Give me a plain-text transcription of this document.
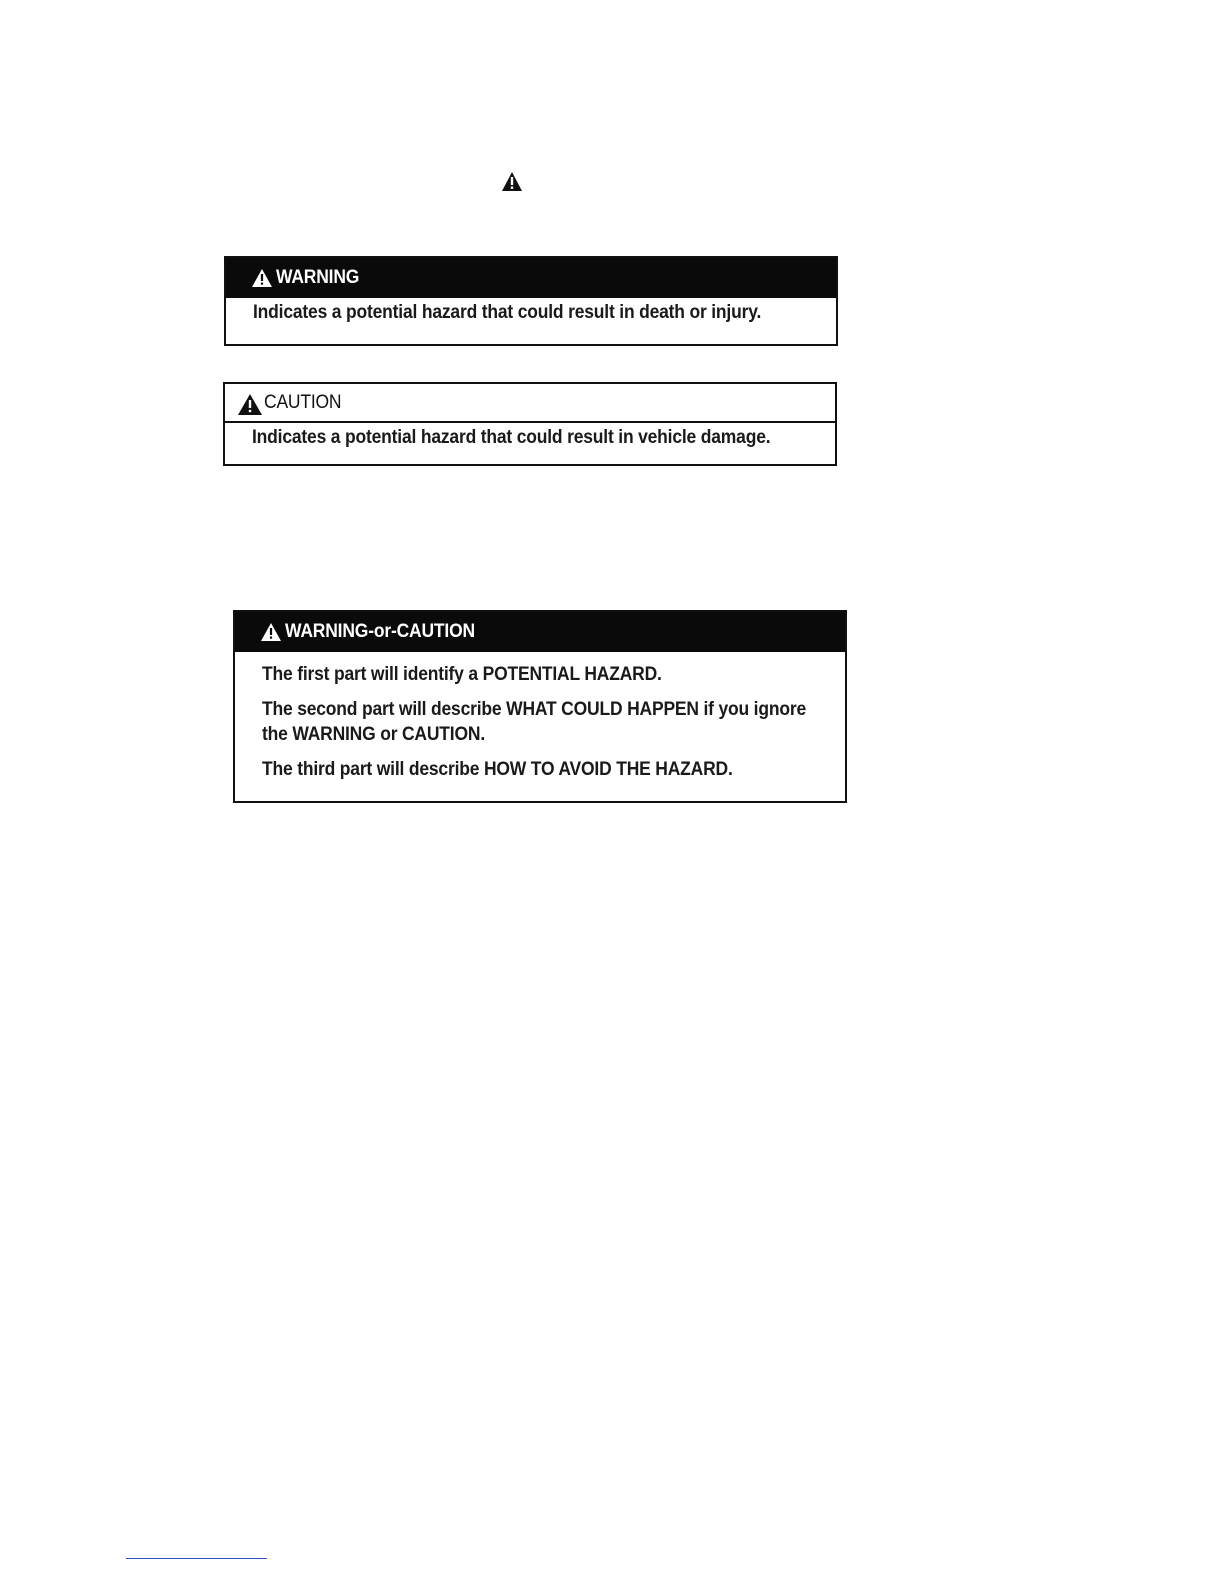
WARNING

Indicates a potential hazard that could result in death or injury.

CAUTION

Indicates a potential hazard that could result in vehicle damage.

WARNING-or-CAUTION

The first part will identify a POTENTIAL HAZARD.

The second part will describe WHAT COULD HAPPEN if you ignore

the WARNING or CAUTION.

The third part will describe HOW TO AVOID THE HAZARD.
